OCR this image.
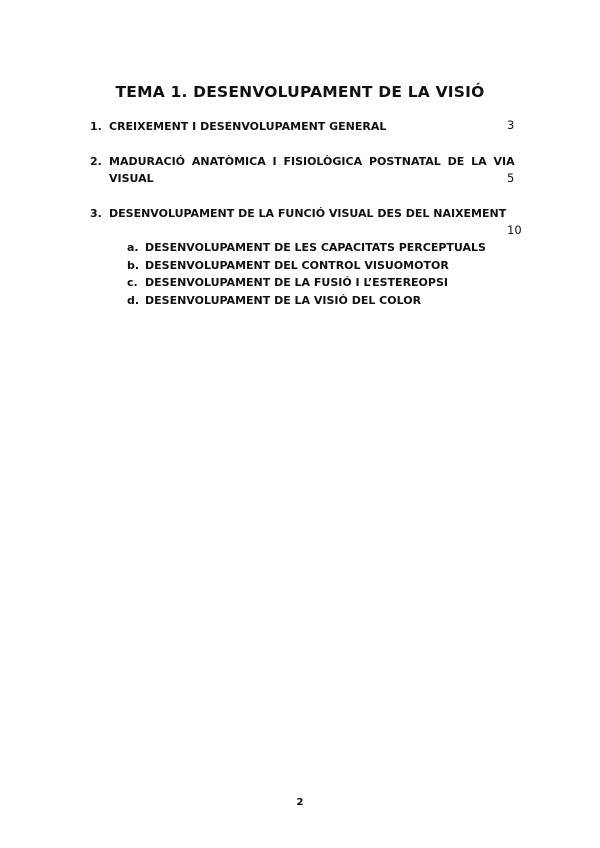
TEMA 1. DESENVOLUPAMENT DE LA VISIÓ
1. CREIXEMENT I DESENVOLUPAMENT GENERAL	3
2. MADURACIÓ ANATÒMICA I FISIOLÒGICA POSTNATAL DE LA VIA
VISUAL	5
3. DESENVOLUPAMENT DE LA FUNCIÓ VISUAL DES DEL NAIXEMENT
10
a. DESENVOLUPAMENT DE LES CAPACITATS PERCEPTUALS
b. DESENVOLUPAMENT DEL CONTROL VISUOMOTOR
c. DESENVOLUPAMENT DE LA FUSIÓ I L’ESTEREOPSI
d. DESENVOLUPAMENT DE LA VISIÓ DEL COLOR
2
